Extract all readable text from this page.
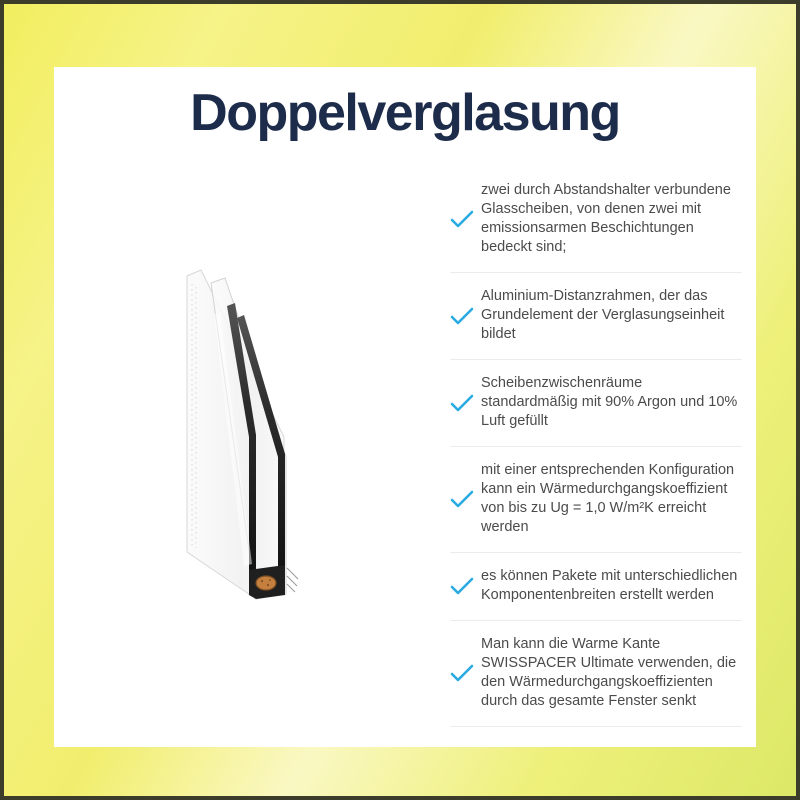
Doppelverglasung
zwei durch Abstandshalter verbundene Glasscheiben, von denen zwei mit emissionsarmen Beschichtungen bedeckt sind;
Aluminium-Distanzrahmen, der das Grundelement der Verglasungseinheit bildet
Scheibenzwischenräume standardmäßig mit 90% Argon und 10% Luft gefüllt
mit einer entsprechenden Konfiguration kann ein Wärmedurchgangskoeffizient von bis zu Ug = 1,0 W/m²K erreicht werden
es können Pakete mit unterschiedlichen Komponentenbreiten erstellt werden
Man kann die Warme Kante SWISSPACER Ultimate verwenden, die den Wärmedurchgangskoeffizienten durch das gesamte Fenster senkt
